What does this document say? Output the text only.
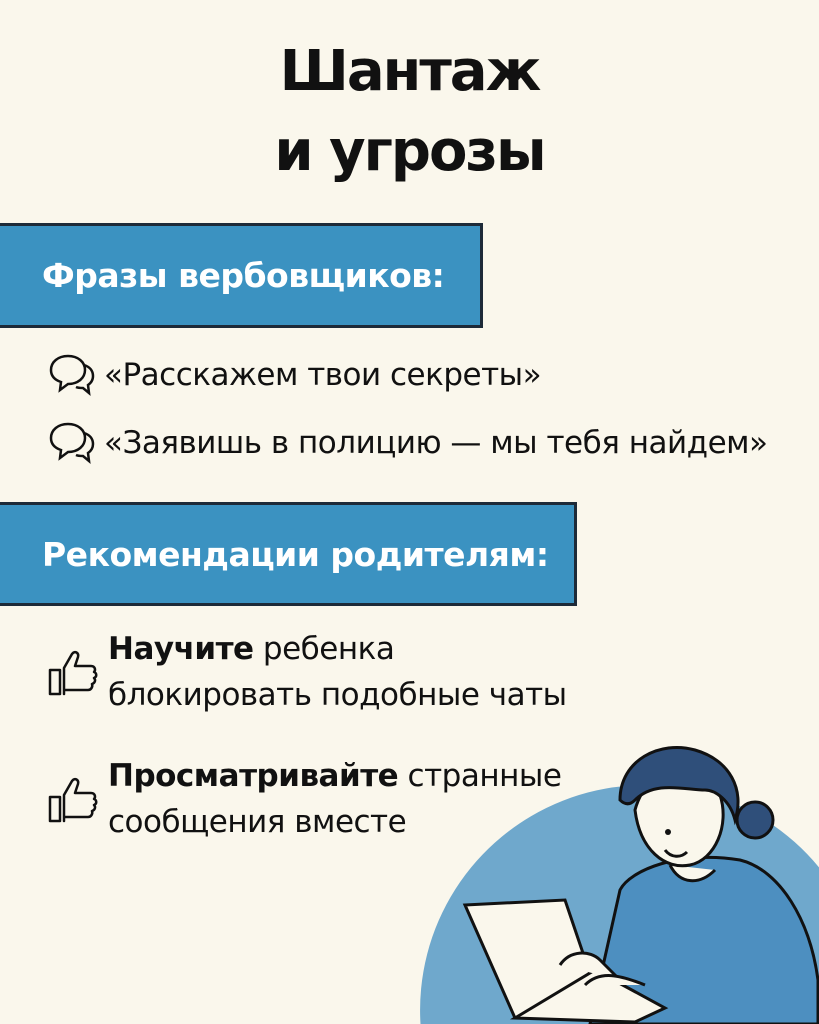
Шантаж
и угрозы
Фразы вербовщиков:
«Расскажем твои секреты»
«Заявишь в полицию — мы тебя найдем»
Рекомендации родителям:
Научите ребенка
блокировать подобные чаты
Просматривайте странные
сообщения вместе
